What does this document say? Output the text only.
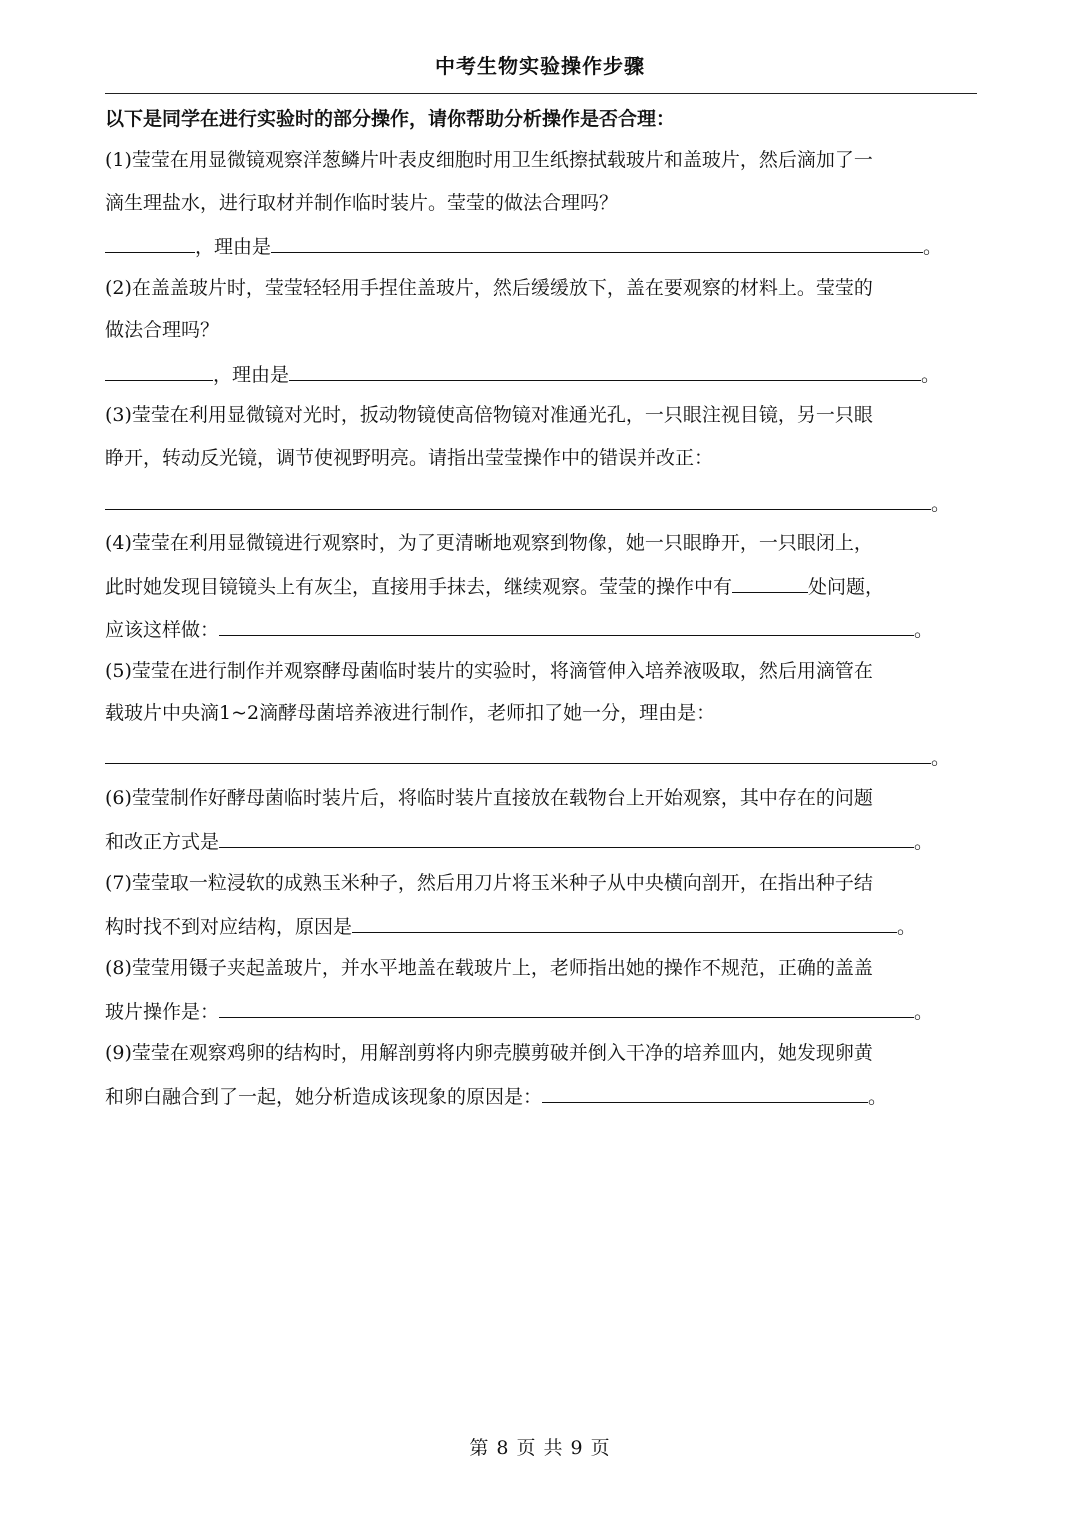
中考生物实验操作步骤
以下是同学在进行实验时的部分操作，请你帮助分析操作是否合理：
(1)莹莹在用显微镜观察洋葱鳞片叶表皮细胞时用卫生纸擦拭载玻片和盖玻片，然后滴加了一
滴生理盐水，进行取材并制作临时装片。莹莹的做法合理吗？
，理由是	。
(2)在盖盖玻片时，莹莹轻轻用手捏住盖玻片，然后缓缓放下，盖在要观察的材料上。莹莹的
做法合理吗？
，理由是	。
(3)莹莹在利用显微镜对光时，扳动物镜使高倍物镜对准通光孔，一只眼注视目镜，另一只眼
睁开，转动反光镜，调节使视野明亮。请指出莹莹操作中的错误并改正：
。
(4)莹莹在利用显微镜进行观察时，为了更清晰地观察到物像，她一只眼睁开，一只眼闭上，
此时她发现目镜镜头上有灰尘，直接用手抹去，继续观察。莹莹的操作中有	处问题，
应该这样做：	。
(5)莹莹在进行制作并观察酵母菌临时装片的实验时，将滴管伸入培养液吸取，然后用滴管在
载玻片中央滴1~2滴酵母菌培养液进行制作，老师扣了她一分，理由是：
。
(6)莹莹制作好酵母菌临时装片后，将临时装片直接放在载物台上开始观察，其中存在的问题
和改正方式是	。
(7)莹莹取一粒浸软的成熟玉米种子，然后用刀片将玉米种子从中央横向剖开，在指出种子结
构时找不到对应结构，原因是	。
(8)莹莹用镊子夹起盖玻片，并水平地盖在载玻片上，老师指出她的操作不规范，正确的盖盖
玻片操作是：	。
(9)莹莹在观察鸡卵的结构时，用解剖剪将内卵壳膜剪破并倒入干净的培养皿内，她发现卵黄
和卵白融合到了一起，她分析造成该现象的原因是：	。
第 8 页 共 9 页
